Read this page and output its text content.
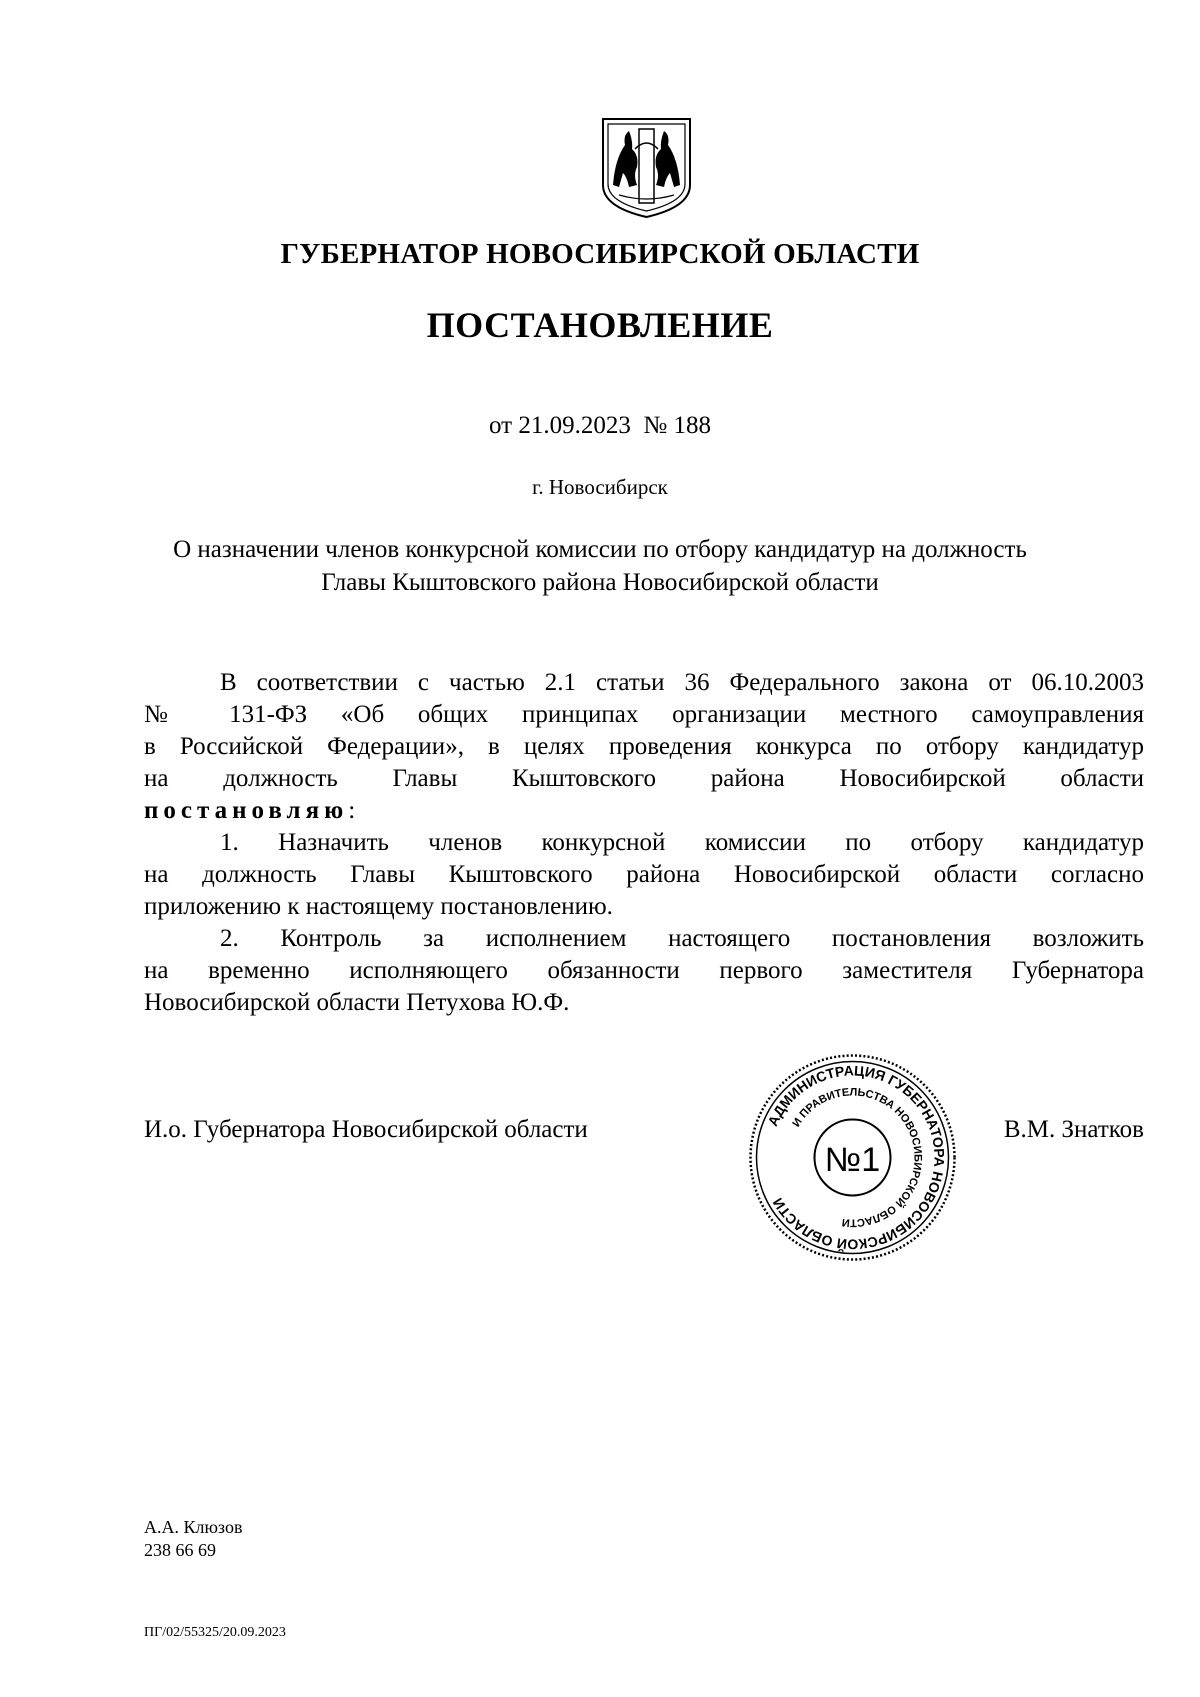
ГУБЕРНАТОР НОВОСИБИРСКОЙ ОБЛАСТИ
ПОСТАНОВЛЕНИЕ
от 21.09.2023 № 188
г. Новосибирск
О назначении членов конкурсной комиссии по отбору кандидатур на должность
Главы Кыштовского района Новосибирской области
В соответствии с частью 2.1 статьи 36 Федерального закона от 06.10.2003
№ 131-ФЗ «Об общих принципах организации местного самоуправления
в Российской Федерации», в целях проведения конкурса по отбору кандидатур
на должность Главы Кыштовского района Новосибирской области
постановляю:
1. Назначить членов конкурсной комиссии по отбору кандидатур
на должность Главы Кыштовского района Новосибирской области согласно
приложению к настоящему постановлению.
2. Контроль за исполнением настоящего постановления возложить
на временно исполняющего обязанности первого заместителя Губернатора
Новосибирской области Петухова Ю.Ф.
И.о. Губернатора Новосибирской области	В.М. Знатков
АДМИНИСТРАЦИЯ ГУБЕРНАТОРА НОВОСИБИРСКОЙ ОБЛАСТИ
И ПРАВИТЕЛЬСТВА НОВОСИБИРСКОЙ ОБЛАСТИ
№1
А.А. Клюзов
238 66 69
ПГ/02/55325/20.09.2023
